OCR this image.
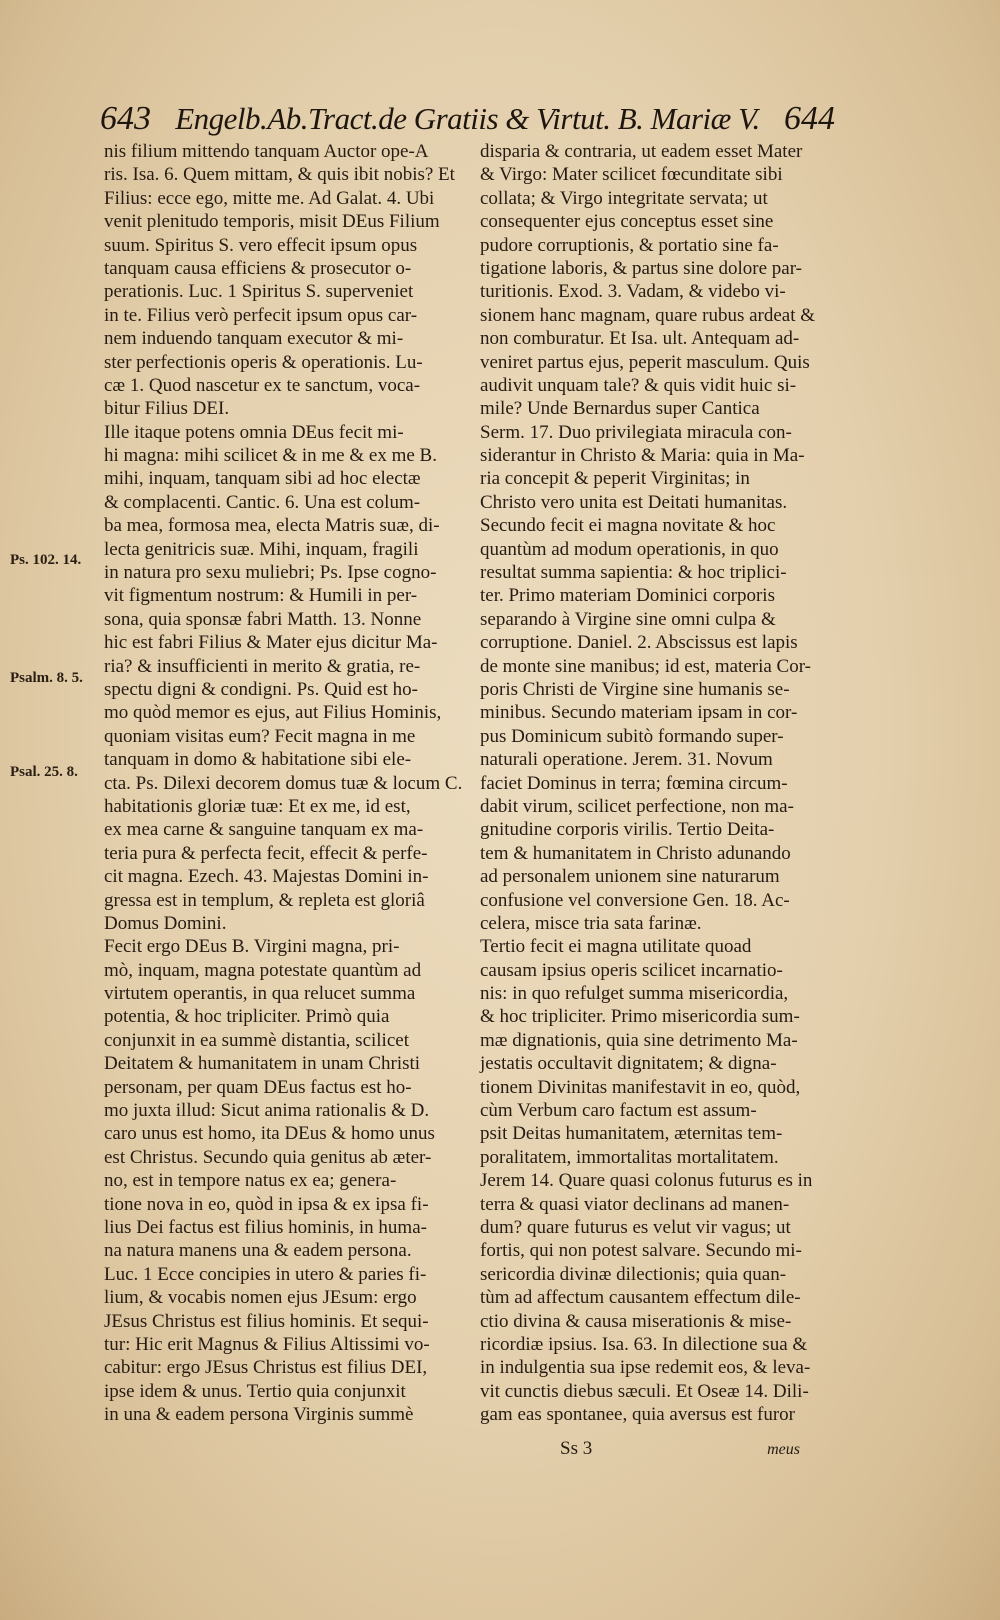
643 Engelb.Ab.Tract.de Gratiis & Virtut. B. Mariæ V. 644
nis filium mittendo tanquam Auctor ope-A
ris. Isa. 6. Quem mittam, & quis ibit nobis? Et
Filius: ecce ego, mitte me. Ad Galat. 4. Ubi
venit plenitudo temporis, misit DEus Filium
suum. Spiritus S. vero effecit ipsum opus
tanquam causa efficiens & prosecutor o-
perationis. Luc. 1 Spiritus S. superveniet
in te. Filius verò perfecit ipsum opus car-
nem induendo tanquam executor & mi-
ster perfectionis operis & operationis. Lu-
cæ 1. Quod nascetur ex te sanctum, voca-
bitur Filius DEI.
Ille itaque potens omnia DEus fecit mi-
hi magna: mihi scilicet & in me & ex me B.
mihi, inquam, tanquam sibi ad hoc electæ
& complacenti. Cantic. 6. Una est colum-
ba mea, formosa mea, electa Matris suæ, di-
lecta genitricis suæ. Mihi, inquam, fragili
in natura pro sexu muliebri; Ps. Ipse cogno-
vit figmentum nostrum: & Humili in per-
sona, quia sponsæ fabri Matth. 13. Nonne
hic est fabri Filius & Mater ejus dicitur Ma-
ria? & insufficienti in merito & gratia, re-
spectu digni & condigni. Ps. Quid est ho-
mo quòd memor es ejus, aut Filius Hominis,
quoniam visitas eum? Fecit magna in me
tanquam in domo & habitatione sibi ele-
cta. Ps. Dilexi decorem domus tuæ & locum C.
habitationis gloriæ tuæ: Et ex me, id est,
ex mea carne & sanguine tanquam ex ma-
teria pura & perfecta fecit, effecit & perfe-
cit magna. Ezech. 43. Majestas Domini in-
gressa est in templum, & repleta est gloriâ
Domus Domini.
Fecit ergo DEus B. Virgini magna, pri-
mò, inquam, magna potestate quantùm ad
virtutem operantis, in qua relucet summa
potentia, & hoc tripliciter. Primò quia
conjunxit in ea summè distantia, scilicet
Deitatem & humanitatem in unam Christi
personam, per quam DEus factus est ho-
mo juxta illud: Sicut anima rationalis & D.
caro unus est homo, ita DEus & homo unus
est Christus. Secundo quia genitus ab æter-
no, est in tempore natus ex ea; genera-
tione nova in eo, quòd in ipsa & ex ipsa fi-
lius Dei factus est filius hominis, in huma-
na natura manens una & eadem persona.
Luc. 1 Ecce concipies in utero & paries fi-
lium, & vocabis nomen ejus JEsum: ergo
JEsus Christus est filius hominis. Et sequi-
tur: Hic erit Magnus & Filius Altissimi vo-
cabitur: ergo JEsus Christus est filius DEI,
ipse idem & unus. Tertio quia conjunxit
in una & eadem persona Virginis summè
disparia & contraria, ut eadem esset Mater
& Virgo: Mater scilicet fœcunditate sibi
collata; & Virgo integritate servata; ut
consequenter ejus conceptus esset sine
pudore corruptionis, & portatio sine fa-
tigatione laboris, & partus sine dolore par-
turitionis. Exod. 3. Vadam, & videbo vi-
sionem hanc magnam, quare rubus ardeat &
non comburatur. Et Isa. ult. Antequam ad-
veniret partus ejus, peperit masculum. Quis
audivit unquam tale? & quis vidit huic si-
mile? Unde Bernardus super Cantica
Serm. 17. Duo privilegiata miracula con-
siderantur in Christo & Maria: quia in Ma-
ria concepit & peperit Virginitas; in
Christo vero unita est Deitati humanitas.
Secundo fecit ei magna novitate & hoc
quantùm ad modum operationis, in quo
resultat summa sapientia: & hoc triplici-
ter. Primo materiam Dominici corporis
separando à Virgine sine omni culpa &
corruptione. Daniel. 2. Abscissus est lapis
de monte sine manibus; id est, materia Cor-
poris Christi de Virgine sine humanis se-
minibus. Secundo materiam ipsam in cor-
pus Dominicum subitò formando super-
naturali operatione. Jerem. 31. Novum
faciet Dominus in terra; fœmina circum-
dabit virum, scilicet perfectione, non ma-
gnitudine corporis virilis. Tertio Deita-
tem & humanitatem in Christo adunando
ad personalem unionem sine naturarum
confusione vel conversione Gen. 18. Ac-
celera, misce tria sata farinæ.
Tertio fecit ei magna utilitate quoad
causam ipsius operis scilicet incarnatio-
nis: in quo refulget summa misericordia,
& hoc tripliciter. Primo misericordia sum-
mæ dignationis, quia sine detrimento Ma-
jestatis occultavit dignitatem; & digna-
tionem Divinitas manifestavit in eo, quòd,
cùm Verbum caro factum est assum-
psit Deitas humanitatem, æternitas tem-
poralitatem, immortalitas mortalitatem.
Jerem 14. Quare quasi colonus futurus es in
terra & quasi viator declinans ad manen-
dum? quare futurus es velut vir vagus; ut
fortis, qui non potest salvare. Secundo mi-
sericordia divinæ dilectionis; quia quan-
tùm ad affectum causantem effectum dile-
ctio divina & causa miserationis & mise-
ricordiæ ipsius. Isa. 63. In dilectione sua &
in indulgentia sua ipse redemit eos, & leva-
vit cunctis diebus sæculi. Et Oseæ 14. Dili-
gam eas spontanee, quia aversus est furor
Ps. 102. 14.
Psalm. 8. 5.
Psal. 25. 8.
Ss 3	meus
